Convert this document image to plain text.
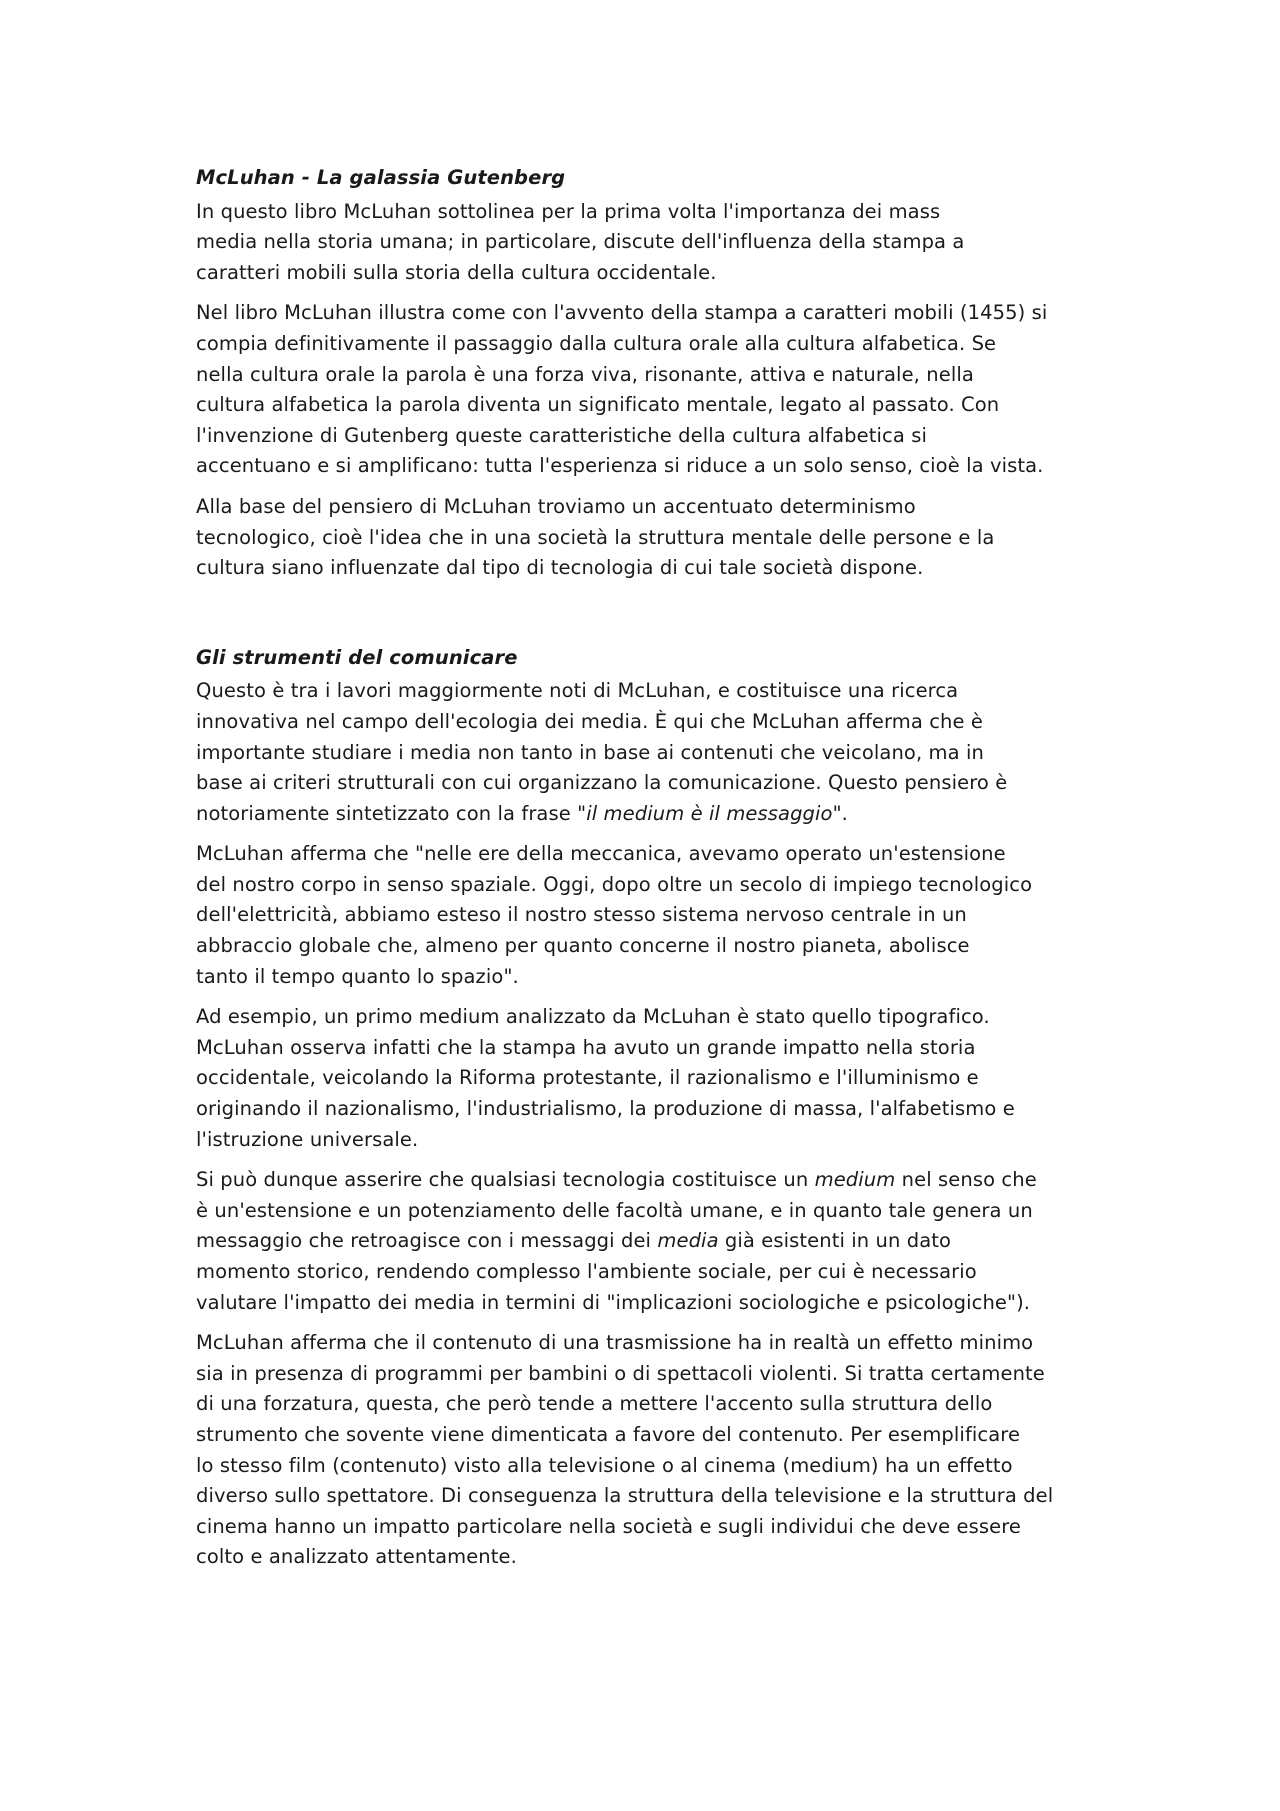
McLuhan - La galassia Gutenberg
In questo libro McLuhan sottolinea per la prima volta l'importanza dei mass
media nella storia umana; in particolare, discute dell'influenza della stampa a
caratteri mobili sulla storia della cultura occidentale.
Nel libro McLuhan illustra come con l'avvento della stampa a caratteri mobili (1455) si
compia definitivamente il passaggio dalla cultura orale alla cultura alfabetica. Se
nella cultura orale la parola è una forza viva, risonante, attiva e naturale, nella
cultura alfabetica la parola diventa un significato mentale, legato al passato. Con
l'invenzione di Gutenberg queste caratteristiche della cultura alfabetica si
accentuano e si amplificano: tutta l'esperienza si riduce a un solo senso, cioè la vista.
Alla base del pensiero di McLuhan troviamo un accentuato determinismo
tecnologico, cioè l'idea che in una società la struttura mentale delle persone e la
cultura siano influenzate dal tipo di tecnologia di cui tale società dispone.
Gli strumenti del comunicare
Questo è tra i lavori maggiormente noti di McLuhan, e costituisce una ricerca
innovativa nel campo dell'ecologia dei media. È qui che McLuhan afferma che è
importante studiare i media non tanto in base ai contenuti che veicolano, ma in
base ai criteri strutturali con cui organizzano la comunicazione. Questo pensiero è
notoriamente sintetizzato con la frase "il medium è il messaggio".
McLuhan afferma che "nelle ere della meccanica, avevamo operato un'estensione
del nostro corpo in senso spaziale. Oggi, dopo oltre un secolo di impiego tecnologico
dell'elettricità, abbiamo esteso il nostro stesso sistema nervoso centrale in un
abbraccio globale che, almeno per quanto concerne il nostro pianeta, abolisce
tanto il tempo quanto lo spazio".
Ad esempio, un primo medium analizzato da McLuhan è stato quello tipografico.
McLuhan osserva infatti che la stampa ha avuto un grande impatto nella storia
occidentale, veicolando la Riforma protestante, il razionalismo e l'illuminismo e
originando il nazionalismo, l'industrialismo, la produzione di massa, l'alfabetismo e
l'istruzione universale.
Si può dunque asserire che qualsiasi tecnologia costituisce un medium nel senso che
è un'estensione e un potenziamento delle facoltà umane, e in quanto tale genera un
messaggio che retroagisce con i messaggi dei media già esistenti in un dato
momento storico, rendendo complesso l'ambiente sociale, per cui è necessario
valutare l'impatto dei media in termini di "implicazioni sociologiche e psicologiche").
McLuhan afferma che il contenuto di una trasmissione ha in realtà un effetto minimo
sia in presenza di programmi per bambini o di spettacoli violenti. Si tratta certamente
di una forzatura, questa, che però tende a mettere l'accento sulla struttura dello
strumento che sovente viene dimenticata a favore del contenuto. Per esemplificare
lo stesso film (contenuto) visto alla televisione o al cinema (medium) ha un effetto
diverso sullo spettatore. Di conseguenza la struttura della televisione e la struttura del
cinema hanno un impatto particolare nella società e sugli individui che deve essere
colto e analizzato attentamente.
